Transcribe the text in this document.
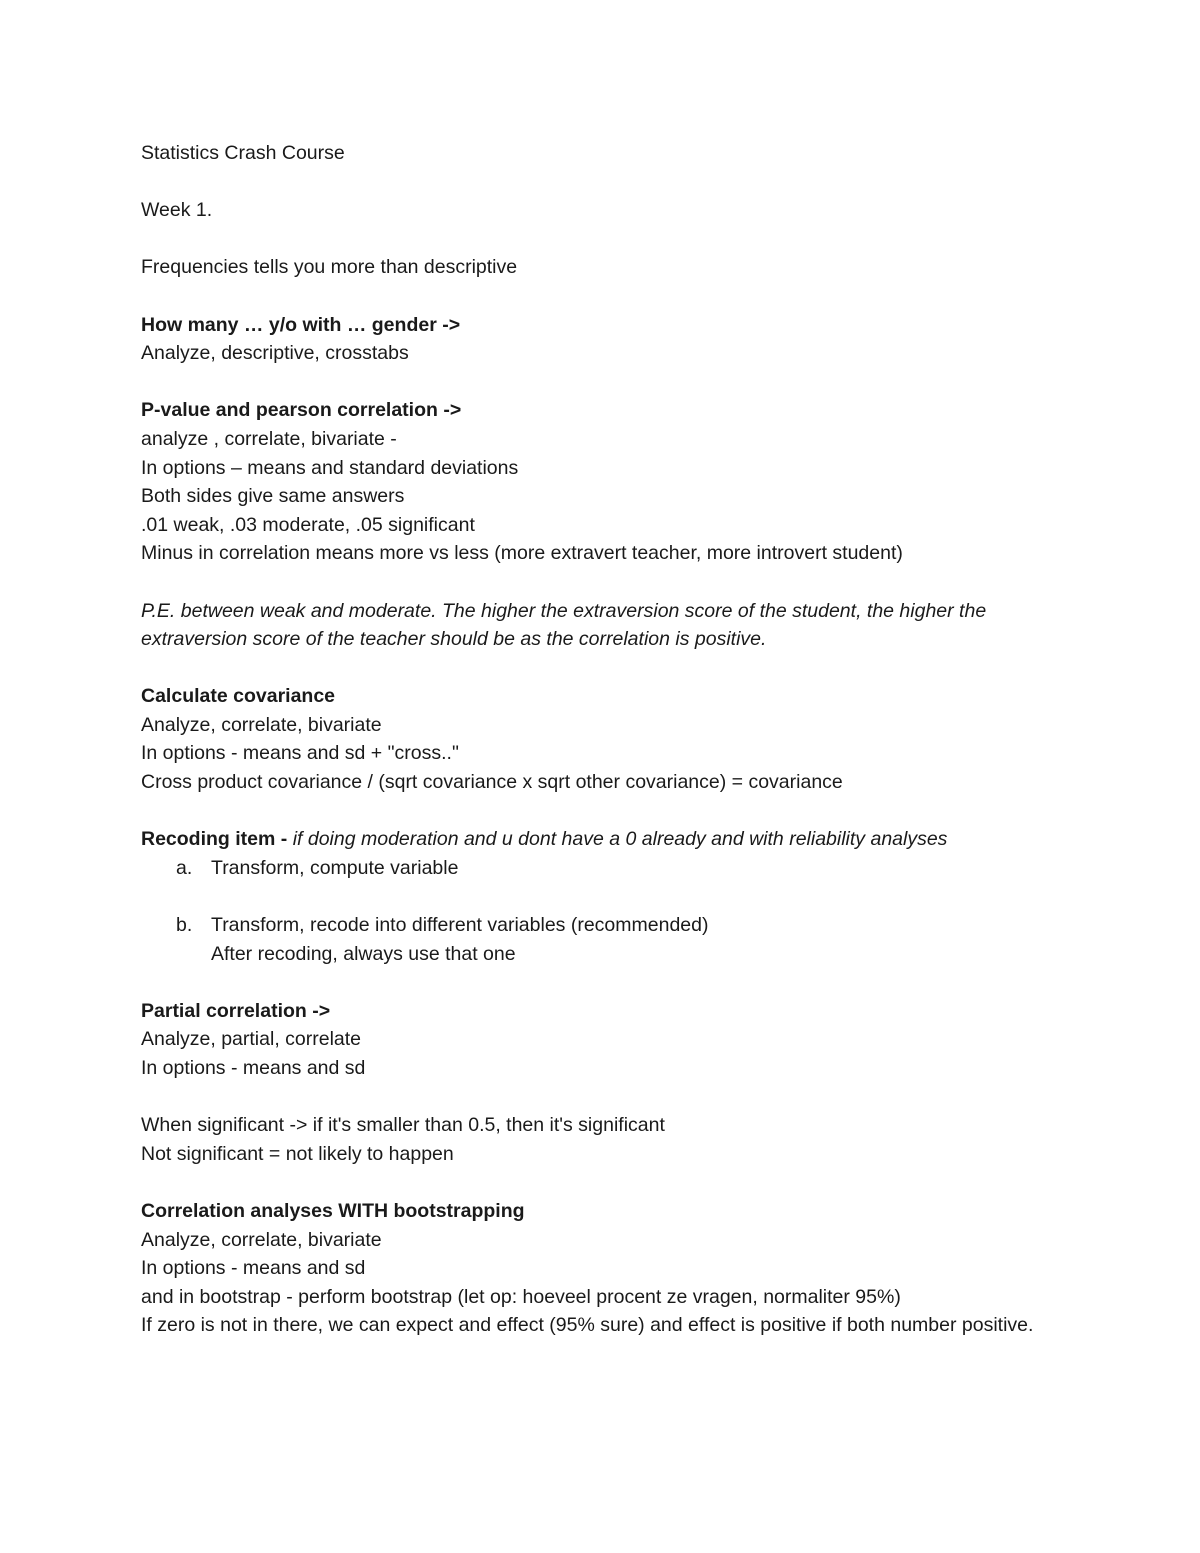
Statistics Crash Course
Week 1.
Frequencies tells you more than descriptive
How many … y/o with … gender ->
Analyze, descriptive, crosstabs
P-value and pearson correlation ->
analyze , correlate, bivariate -
In options – means and standard deviations
Both sides give same answers
.01 weak, .03 moderate, .05 significant
Minus in correlation means more vs less (more extravert teacher, more introvert student)
P.E. between weak and moderate. The higher the extraversion score of the student, the higher the extraversion score of the teacher should be as the correlation is positive.
Calculate covariance
Analyze, correlate, bivariate
In options - means and sd + "cross.."
Cross product covariance / (sqrt covariance x sqrt other covariance) = covariance
Recoding item - if doing moderation and u dont have a 0 already and with reliability analyses
a. Transform, compute variable
b. Transform, recode into different variables (recommended)
After recoding, always use that one
Partial correlation ->
Analyze, partial, correlate
In options - means and sd
When significant -> if it's smaller than 0.5, then it's significant
Not significant = not likely to happen
Correlation analyses WITH bootstrapping
Analyze, correlate, bivariate
In options - means and sd
and in bootstrap - perform bootstrap (let op: hoeveel procent ze vragen, normaliter 95%)
If zero is not in there, we can expect and effect (95% sure) and effect is positive if both number positive.
